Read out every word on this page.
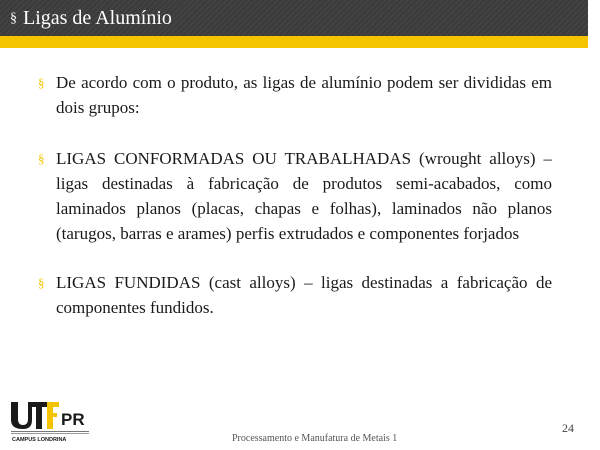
§ Ligas de Alumínio
§ De acordo com o produto, as ligas de alumínio podem ser divididas em dois grupos:
§ LIGAS CONFORMADAS OU TRABALHADAS (wrought alloys) – ligas destinadas à fabricação de produtos semi-acabados, como laminados planos (placas, chapas e folhas), laminados não planos (tarugos, barras e arames) perfis extrudados e componentes forjados
§ LIGAS FUNDIDAS (cast alloys) – ligas destinadas a fabricação de componentes fundidos.
PR
CAMPUS LONDRINA	Processamento e Manufatura de Metais 1
24
